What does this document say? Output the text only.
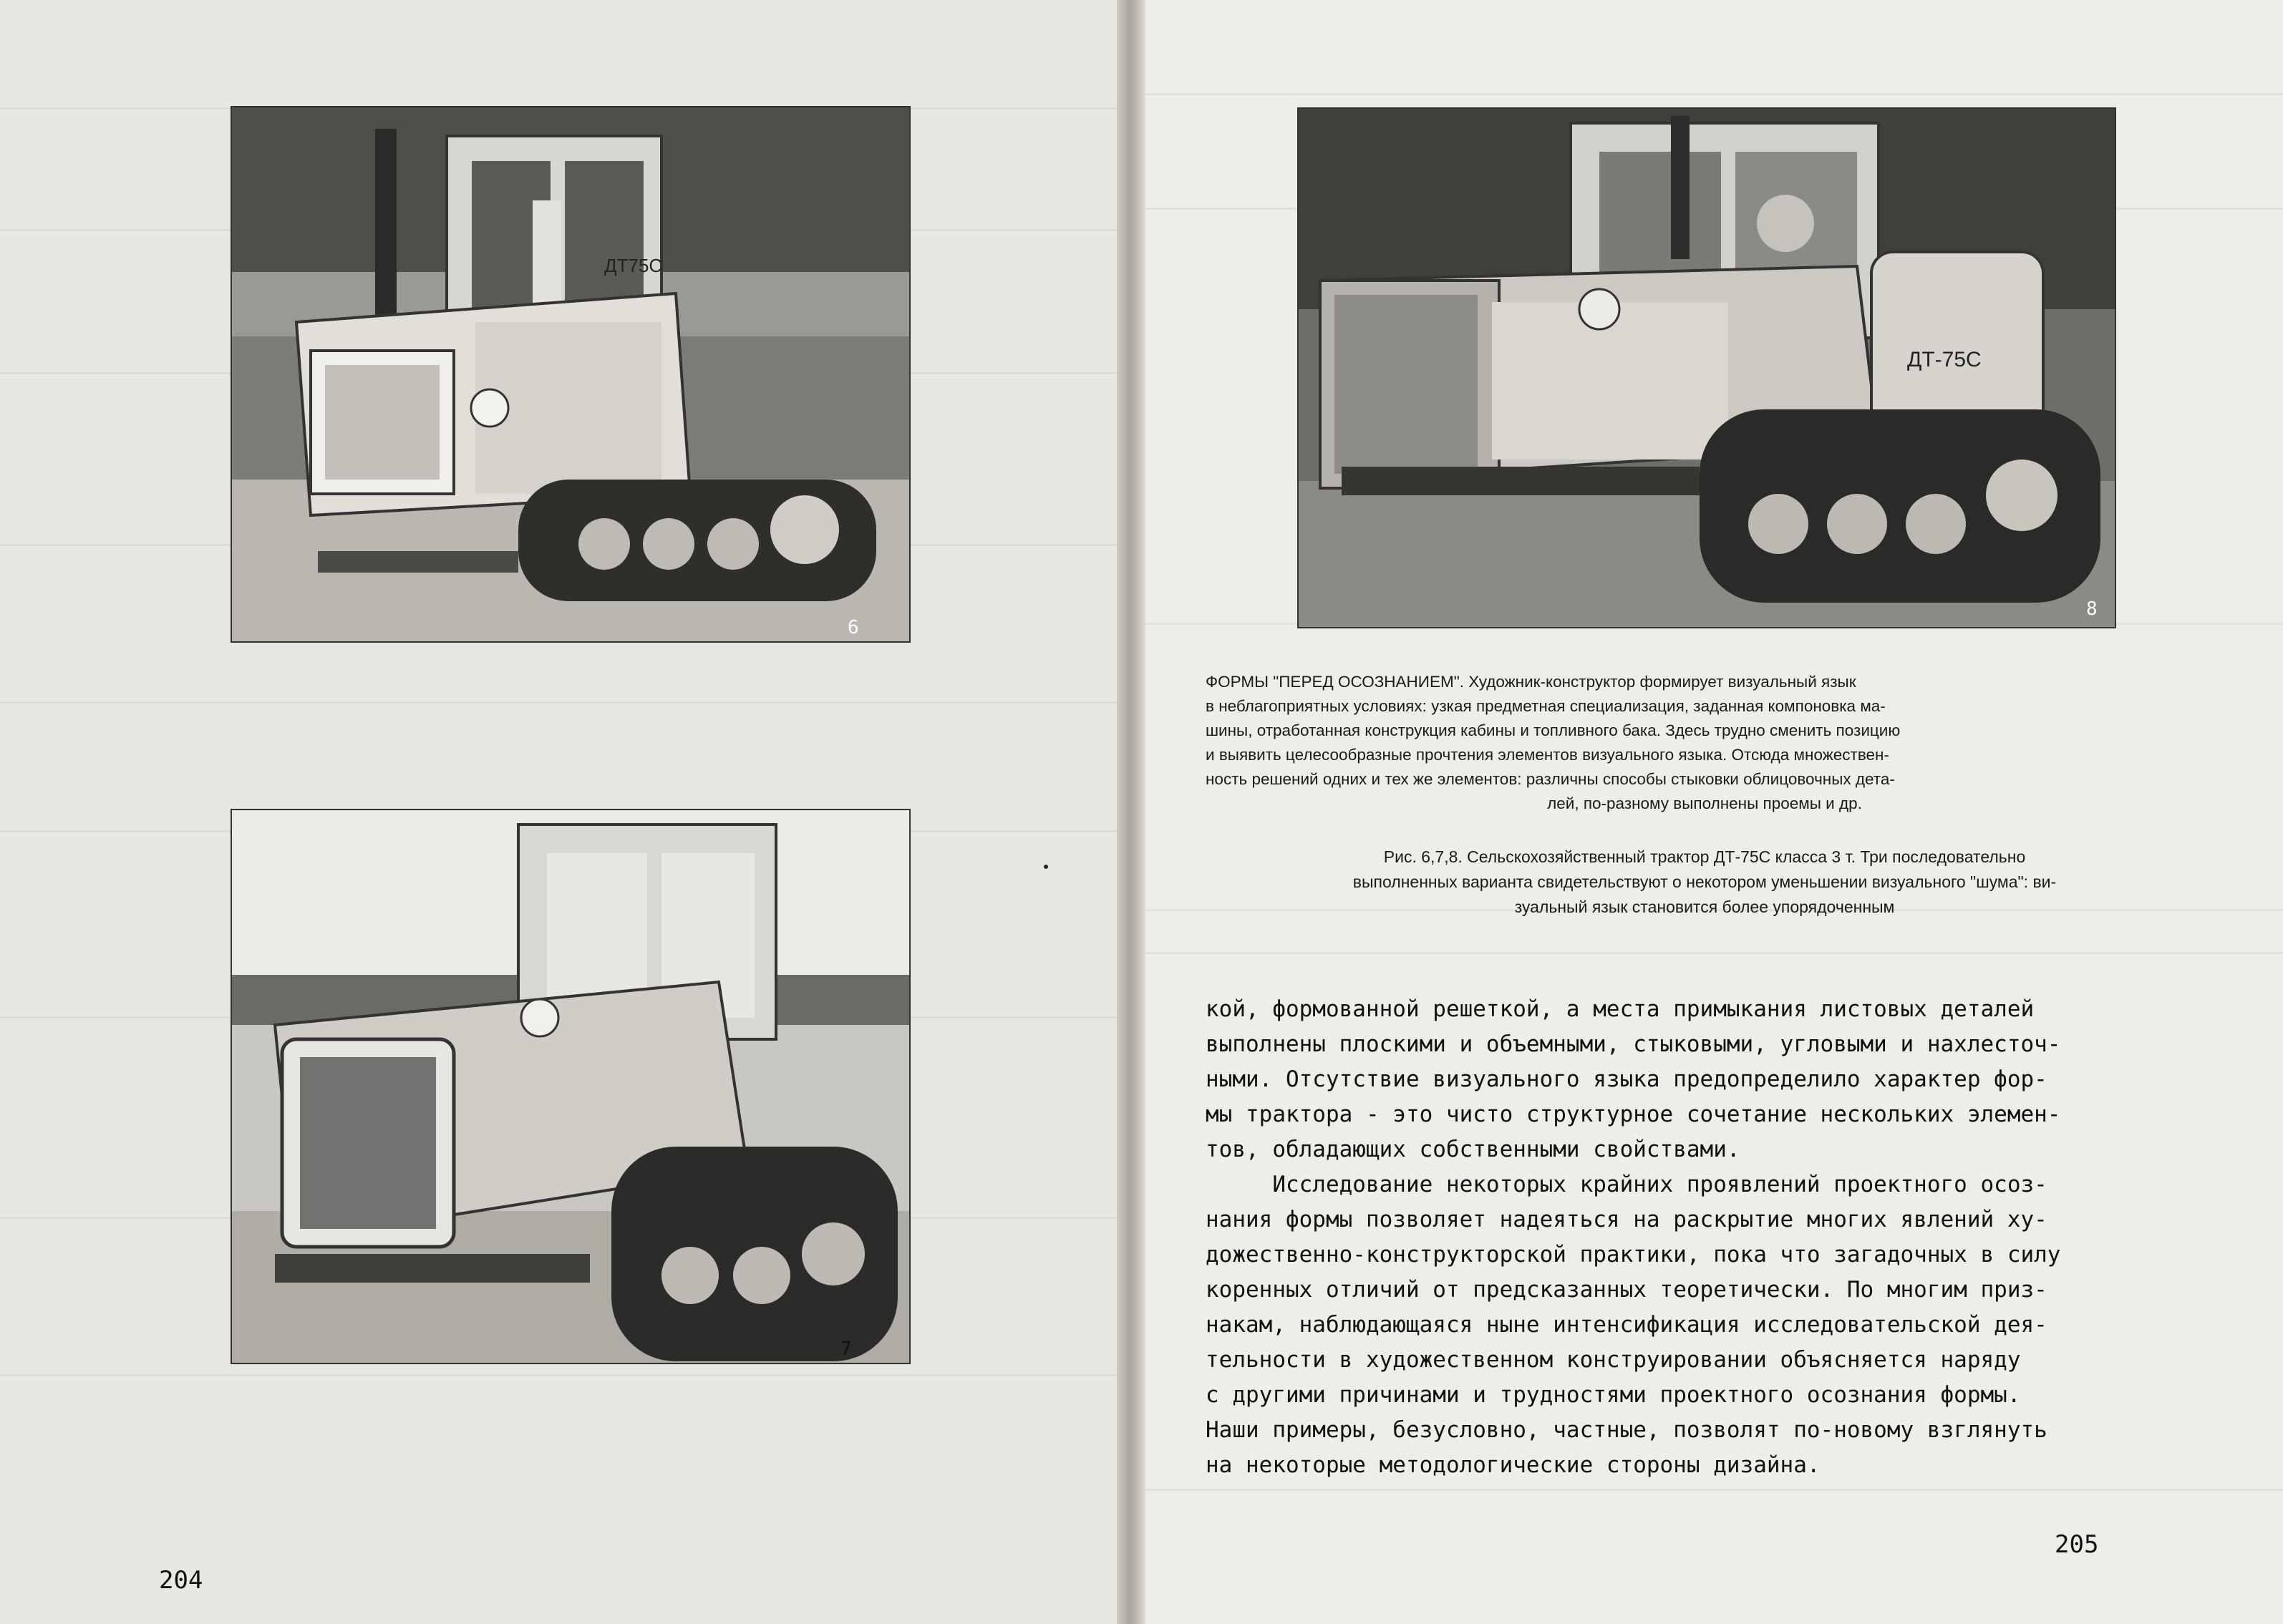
ДТ75С
6
7
204
ДТ-75С
8
ФОРМЫ "ПЕРЕД ОСОЗНАНИЕМ". Художник-конструктор формирует визуальный язык
в неблагоприятных условиях: узкая предметная специализация, заданная компоновка ма-
шины, отработанная конструкция кабины и топливного бака. Здесь трудно сменить позицию
и выявить целесообразные прочтения элементов визуального языка. Отсюда множествен-
ность решений одних и тех же элементов: различны способы стыковки облицовочных дета-
лей, по-разному выполнены проемы и др.
Рис. 6,7,8. Сельскохозяйственный трактор ДТ-75С класса 3 т. Три последовательно
выполненных варианта свидетельствуют о некотором уменьшении визуального "шума": ви-
зуальный язык становится более упорядоченным
кой, формованной решеткой, а места примыкания листовых деталей
выполнены плоскими и объемными, стыковыми, угловыми и нахлесточ-
ными. Отсутствие визуального языка предопределило характер фор-
мы трактора - это чисто структурное сочетание нескольких элемен-
тов, обладающих собственными свойствами.
Исследование некоторых крайних проявлений проектного осоз-
нания формы позволяет надеяться на раскрытие многих явлений ху-
дожественно-конструкторской практики, пока что загадочных в силу
коренных отличий от предсказанных теоретически. По многим приз-
накам, наблюдающаяся ныне интенсификация исследовательской дея-
тельности в художественном конструировании объясняется наряду
с другими причинами и трудностями проектного осознания формы.
Наши примеры, безусловно, частные, позволят по-новому взглянуть
на некоторые методологические стороны дизайна.
205
